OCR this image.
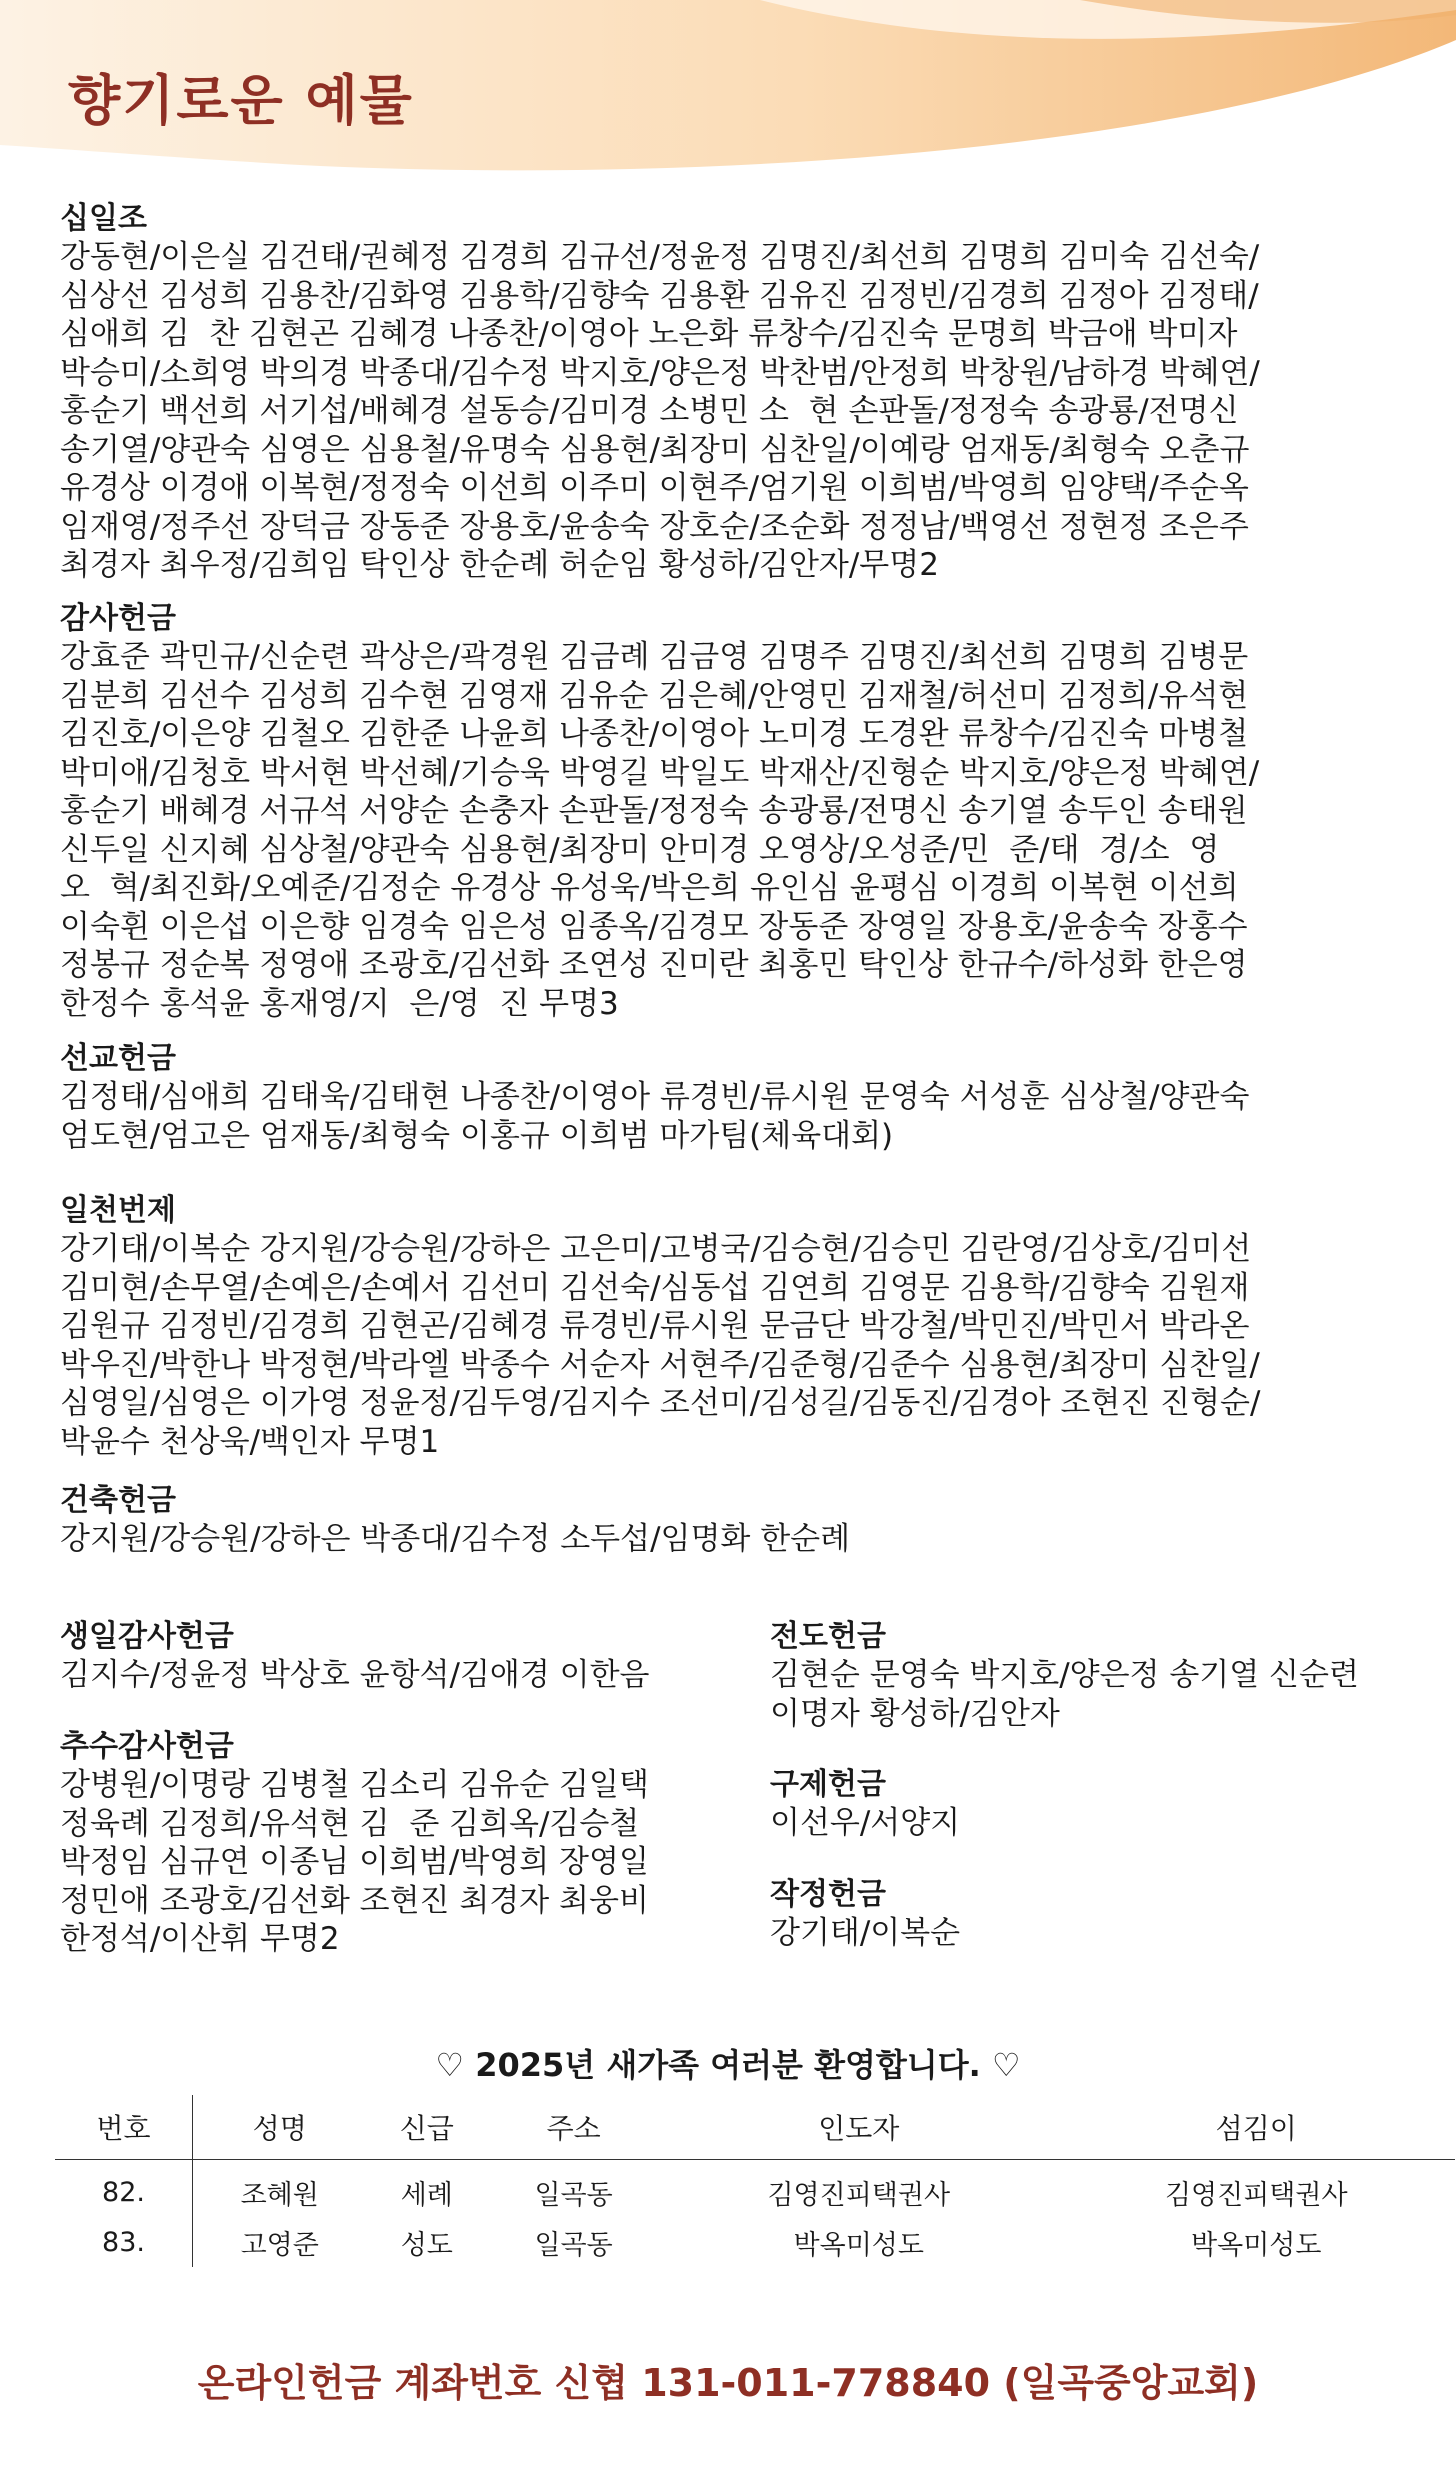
향기로운 예물

십일조

강동현/이은실 김건태/권혜정 김경희 김규선/정윤정 김명진/최선희 김명희 김미숙 김선숙/
심상선 김성희 김용찬/김화영 김용학/김향숙 김용환 김유진 김정빈/김경희 김정아 김정태/
심애희 김  찬 김현곤 김혜경 나종찬/이영아 노은화 류창수/김진숙 문명희 박금애 박미자
박승미/소희영 박의경 박종대/김수정 박지호/양은정 박찬범/안정희 박창원/남하경 박혜연/
홍순기 백선희 서기섭/배혜경 설동승/김미경 소병민 소  현 손판돌/정정숙 송광룡/전명신
송기열/양관숙 심영은 심용철/유명숙 심용현/최장미 심찬일/이예랑 엄재동/최형숙 오춘규
유경상 이경애 이복현/정정숙 이선희 이주미 이현주/엄기원 이희범/박영희 임양택/주순옥
임재영/정주선 장덕금 장동준 장용호/윤송숙 장호순/조순화 정정남/백영선 정현정 조은주
최경자 최우정/김희임 탁인상 한순례 허순임 황성하/김안자/무명2

감사헌금

강효준 곽민규/신순련 곽상은/곽경원 김금례 김금영 김명주 김명진/최선희 김명희 김병문
김분희 김선수 김성희 김수현 김영재 김유순 김은혜/안영민 김재철/허선미 김정희/유석현
김진호/이은양 김철오 김한준 나윤희 나종찬/이영아 노미경 도경완 류창수/김진숙 마병철
박미애/김청호 박서현 박선혜/기승욱 박영길 박일도 박재산/진형순 박지호/양은정 박혜연/
홍순기 배혜경 서규석 서양순 손충자 손판돌/정정숙 송광룡/전명신 송기열 송두인 송태원
신두일 신지혜 심상철/양관숙 심용현/최장미 안미경 오영상/오성준/민  준/태  경/소  영
오  혁/최진화/오예준/김정순 유경상 유성욱/박은희 유인심 윤평심 이경희 이복현 이선희
이숙휜 이은섭 이은향 임경숙 임은성 임종옥/김경모 장동준 장영일 장용호/윤송숙 장홍수
정봉규 정순복 정영애 조광호/김선화 조연성 진미란 최홍민 탁인상 한규수/하성화 한은영
한정수 홍석윤 홍재영/지  은/영  진 무명3

선교헌금

김정태/심애희 김태욱/김태현 나종찬/이영아 류경빈/류시원 문영숙 서성훈 심상철/양관숙
엄도현/엄고은 엄재동/최형숙 이홍규 이희범 마가팀(체육대회)

일천번제

강기태/이복순 강지원/강승원/강하은 고은미/고병국/김승현/김승민 김란영/김상호/김미선
김미현/손무열/손예은/손예서 김선미 김선숙/심동섭 김연희 김영문 김용학/김향숙 김원재
김원규 김정빈/김경희 김현곤/김혜경 류경빈/류시원 문금단 박강철/박민진/박민서 박라온
박우진/박한나 박정현/박라엘 박종수 서순자 서현주/김준형/김준수 심용현/최장미 심찬일/
심영일/심영은 이가영 정윤정/김두영/김지수 조선미/김성길/김동진/김경아 조현진 진형순/
박윤수 천상욱/백인자 무명1

건축헌금

강지원/강승원/강하은 박종대/김수정 소두섭/임명화 한순례

생일감사헌금

김지수/정윤정 박상호 윤항석/김애경 이한음

추수감사헌금

강병원/이명랑 김병철 김소리 김유순 김일택
정육례 김정희/유석현 김  준 김희옥/김승철
박정임 심규연 이종님 이희범/박영희 장영일
정민애 조광호/김선화 조현진 최경자 최웅비
한정석/이산휘 무명2

전도헌금

김현순 문영숙 박지호/양은정 송기열 신순련
이명자 황성하/김안자

구제헌금

이선우/서양지

작정헌금

강기태/이복순

♡ 2025년 새가족 여러분 환영합니다. ♡
번호	성명	신급	주소	인도자	섬김이
82.	조혜원	세례	일곡동	김영진피택권사	김영진피택권사
83.	고영준	성도	일곡동	박옥미성도	박옥미성도
온라인헌금 계좌번호 신협 131-011-778840 (일곡중앙교회)
